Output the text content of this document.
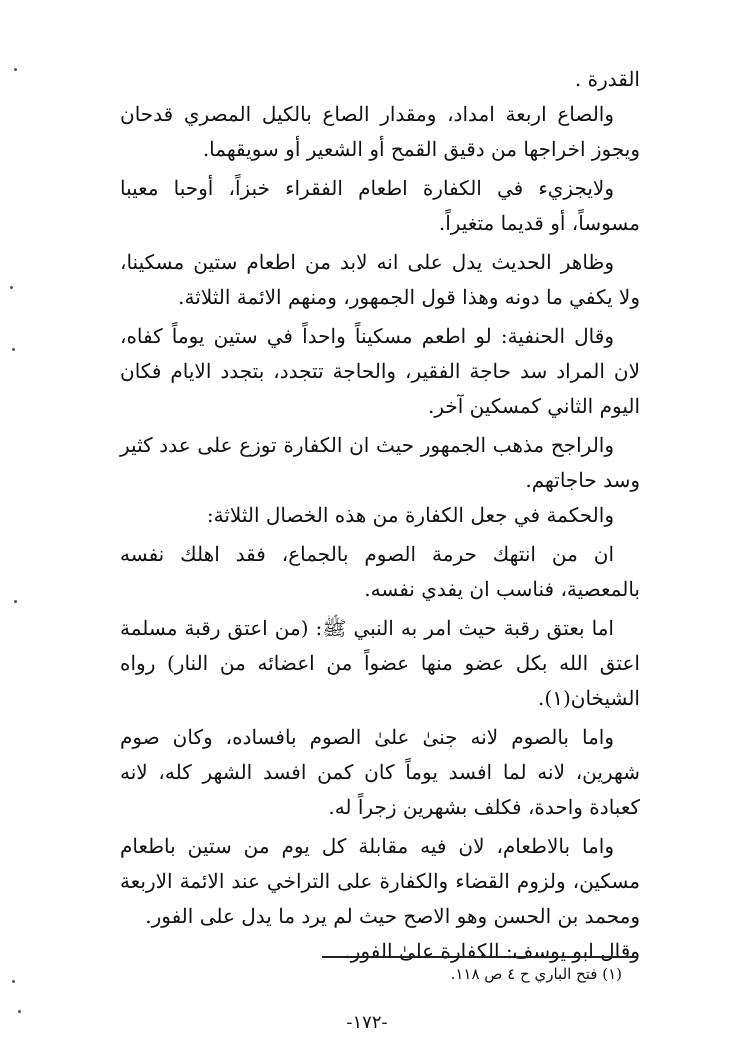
القدرة .

والصاع اربعة امداد، ومقدار الصاع بالكيل المصري قدحان ويجوز اخراجها من دقيق القمح أو الشعير أو سويقهما.

ولايجزيء في الكفارة اطعام الفقراء خبزاً، أوحبا معيبا مسوساً، أو قديما متغيراً.

وظاهر الحديث يدل على انه لابد من اطعام ستين مسكينا، ولا يكفي ما دونه وهذا قول الجمهور، ومنهم الائمة الثلاثة.

وقال الحنفية: لو اطعم مسكيناً واحداً في ستين يوماً كفاه، لان المراد سد حاجة الفقير، والحاجة تتجدد، بتجدد الايام فكان اليوم الثاني كمسكين آخر.

والراجح مذهب الجمهور حيث ان الكفارة توزع على عدد كثير وسد حاجاتهم.

والحكمة في جعل الكفارة من هذه الخصال الثلاثة:

ان من انتهك حرمة الصوم بالجماع، فقد اهلك نفسه بالمعصية، فناسب ان يفدي نفسه.

اما بعتق رقبة حيث امر به النبي ﷺ: (من اعتق رقبة مسلمة اعتق الله بكل عضو منها عضواً من اعضائه من النار) رواه الشيخان(١).

واما بالصوم لانه جنىٰ علىٰ الصوم بافساده، وكان صوم شهرين، لانه لما افسد يوماً كان كمن افسد الشهر كله، لانه كعبادة واحدة، فكلف بشهرين زجراً له.

واما بالاطعام، لان فيه مقابلة كل يوم من ستين باطعام مسكين، ولزوم القضاء والكفارة على التراخي عند الائمة الاربعة ومحمد بن الحسن وهو الاصح حيث لم يرد ما يدل على الفور.

وقال ابو يوسف: الكفارة علىٰ الفور.

(١) فتح الباري ح ٤ ص ١١٨.
-١٧٢-
